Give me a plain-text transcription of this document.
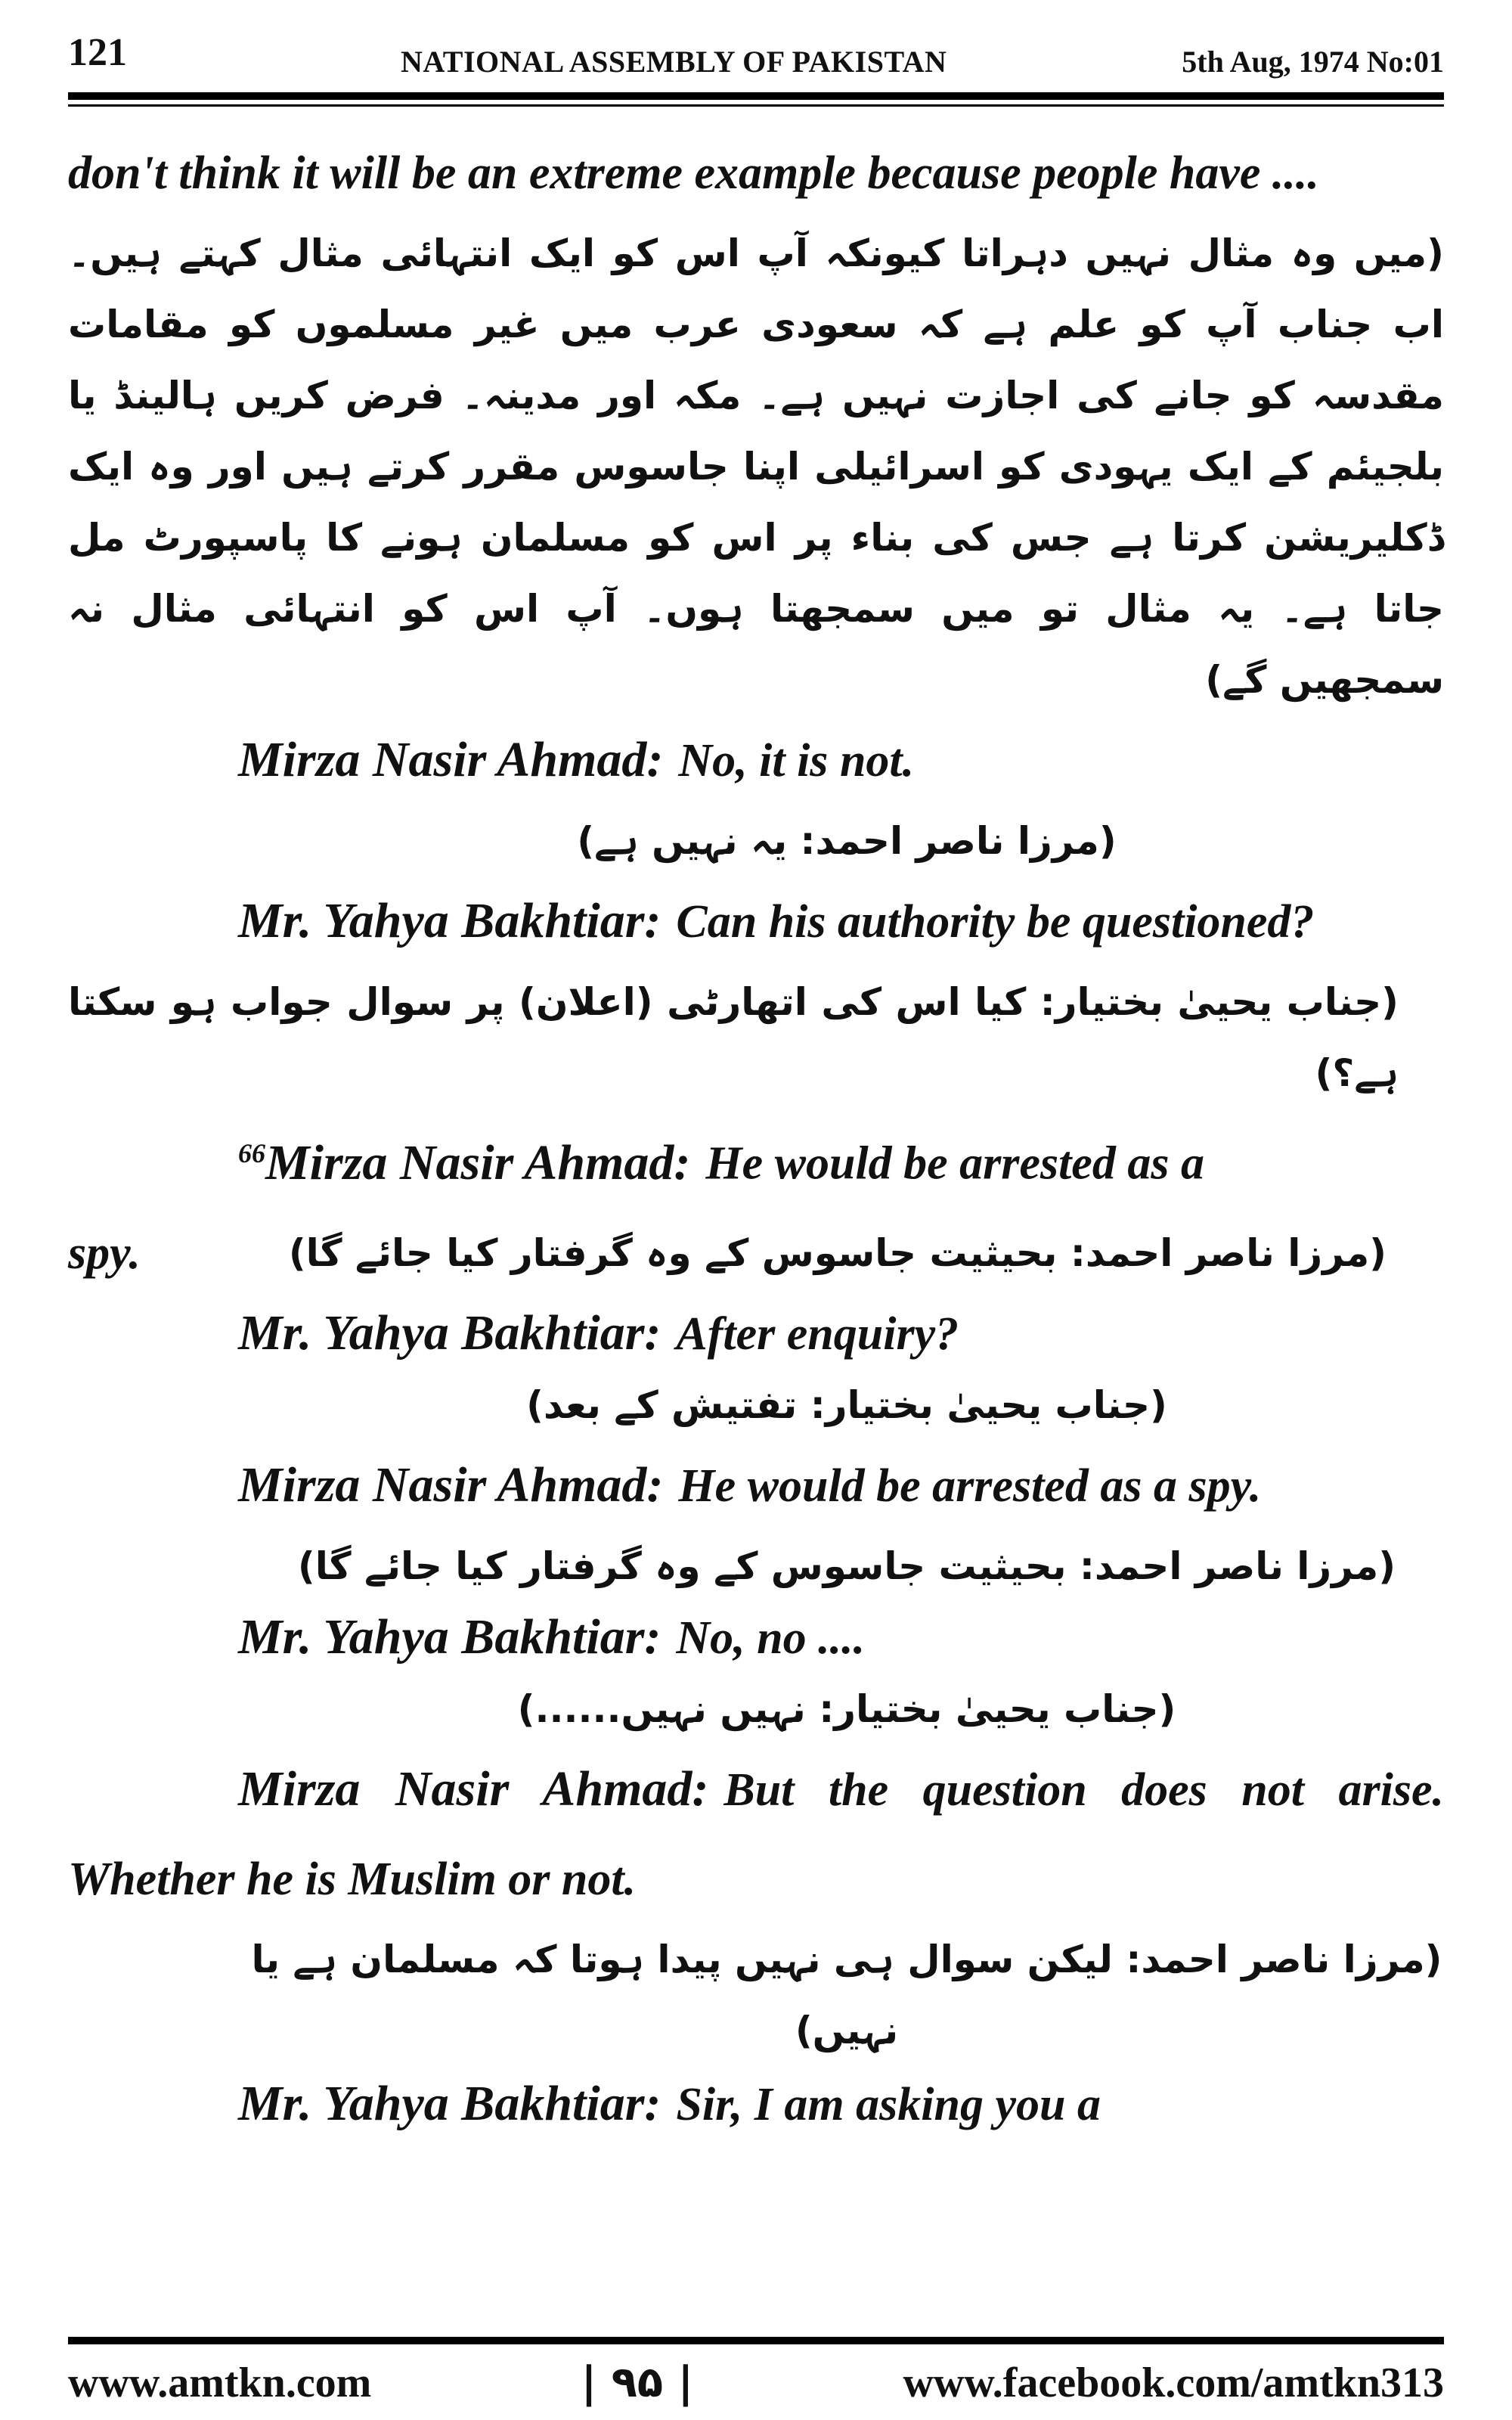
121	NATIONAL ASSEMBLY OF PAKISTAN	5th Aug, 1974 No:01

don't think it will be an extreme example because people have ....

(میں وہ مثال نہیں دہراتا کیونکہ آپ اس کو ایک انتہائی مثال کہتے ہیں۔ اب جناب آپ کو علم ہے کہ سعودی عرب میں غیر مسلموں کو مقامات مقدسہ کو جانے کی اجازت نہیں ہے۔ مکہ اور مدینہ۔ فرض کریں ہالینڈ یا بلجیئم کے ایک یہودی کو اسرائیلی اپنا جاسوس مقرر کرتے ہیں اور وہ ایک ڈکلیریشن کرتا ہے جس کی بناء پر اس کو مسلمان ہونے کا پاسپورٹ مل جاتا ہے۔ یہ مثال تو میں سمجھتا ہوں۔ آپ اس کو انتہائی مثال نہ سمجھیں گے)

Mirza Nasir Ahmad: No, it is not.

(مرزا ناصر احمد: یہ نہیں ہے)

Mr. Yahya Bakhtiar: Can his authority be questioned?

(جناب یحییٰ بختیار: کیا اس کی اتھارٹی (اعلان) پر سوال جواب ہو سکتا ہے؟)

$^{66}$Mirza Nasir Ahmad: He would be arrested as a

spy.	(مرزا ناصر احمد: بحیثیت جاسوس کے وہ گرفتار کیا جائے گا)

Mr. Yahya Bakhtiar: After enquiry?

(جناب یحییٰ بختیار: تفتیش کے بعد)

Mirza Nasir Ahmad: He would be arrested as a spy.

(مرزا ناصر احمد: بحیثیت جاسوس کے وہ گرفتار کیا جائے گا)

Mr. Yahya Bakhtiar: No, no ....

(جناب یحییٰ بختیار: نہیں نہیں......)

Mirza Nasir Ahmad: But the question does not arise. Whether he is Muslim or not.

(مرزا ناصر احمد: لیکن سوال ہی نہیں پیدا ہوتا کہ مسلمان ہے یا نہیں)

Mr. Yahya Bakhtiar: Sir, I am asking you a

www.amtkn.com	| ۹۵ |	www.facebook.com/amtkn313
